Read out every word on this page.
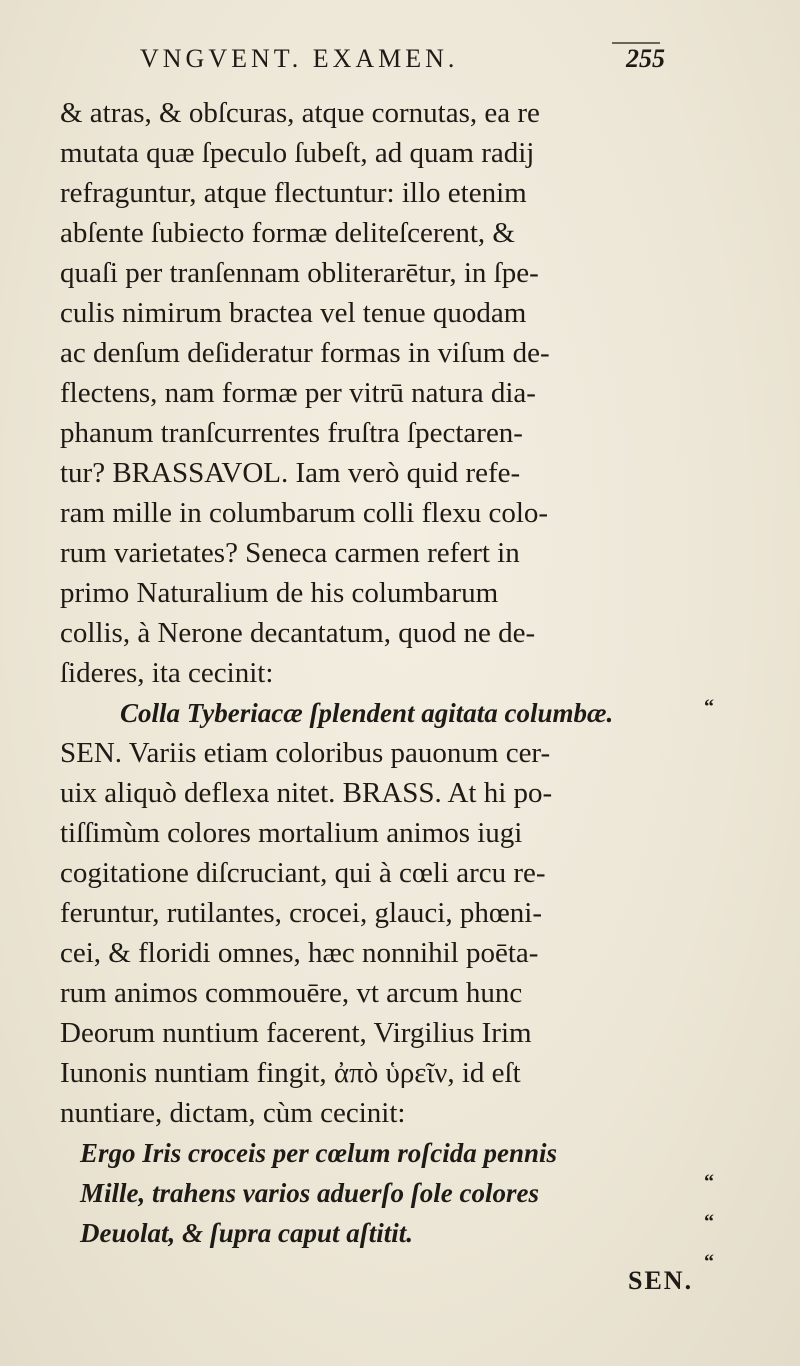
VNGVENT. EXAMEN.	255
& atras, & obſcuras, atque cornutas, ea re
mutata quæ ſpeculo ſubeſt, ad quam radij
refraguntur, atque flectuntur: illo etenim
abſente ſubiecto formæ deliteſcerent, &
quaſi per tranſennam obliterarētur, in ſpe-
culis nimirum bractea vel tenue quodam
ac denſum deſideratur formas in viſum de-
flectens, nam formæ per vitrū natura dia-
phanum tranſcurrentes fruſtra ſpectaren-
tur? BRASSAVOL. Iam verò quid refe-
ram mille in columbarum colli flexu colo-
rum varietates? Seneca carmen refert in
primo Naturalium de his columbarum
collis, à Nerone decantatum, quod ne de-
ſideres, ita cecinit:
Colla Tyberiacæ ſplendent agitata columbæ.
SEN. Variis etiam coloribus pauonum cer-
uix aliquò deflexa nitet. BRASS. At hi po-
tiſſimùm colores mortalium animos iugi
cogitatione diſcruciant, qui à cœli arcu re-
feruntur, rutilantes, crocei, glauci, phœni-
cei, & floridi omnes, hæc nonnihil poēta-
rum animos commouēre, vt arcum hunc
Deorum nuntium facerent, Virgilius Irim
Iunonis nuntiam fingit, ἀπὸ ὑρεῖν, id eſt
nuntiare, dictam, cùm cecinit:
Ergo Iris crocеis per cœlum roſcida pennis
Mille, trahens varios aduerſo ſole colores
Deuolat, & ſupra caput aſtitit.
“
“
“
“
SEN.
